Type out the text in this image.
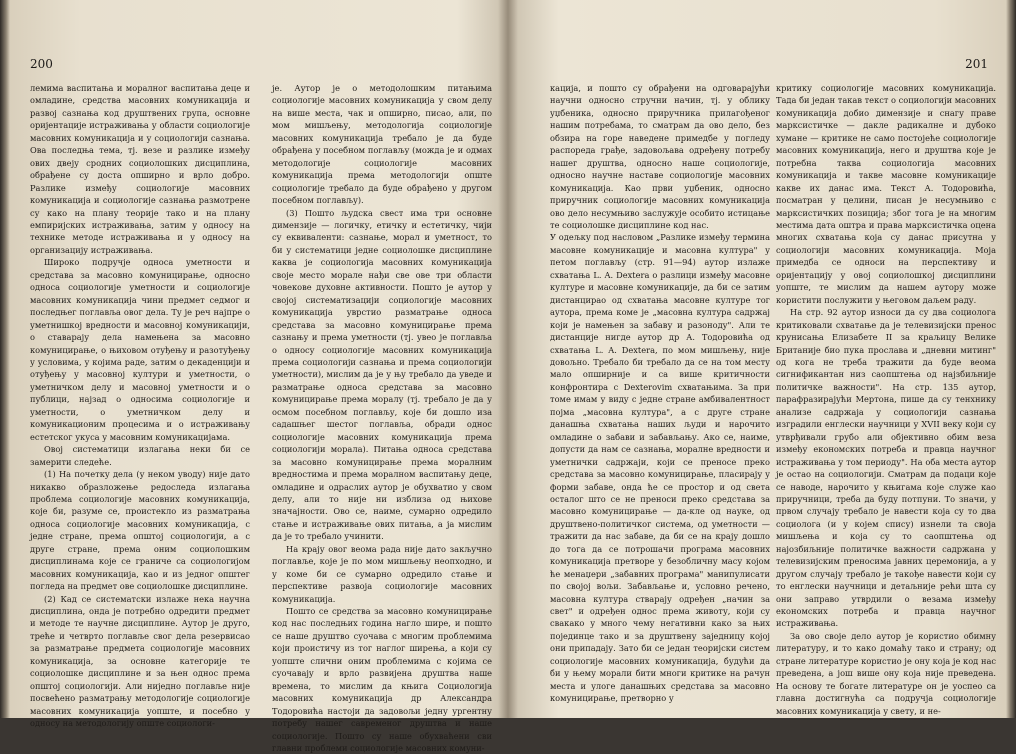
200

лемима васпитања и моралног васпитања деце и омладине, средства масовних комуникација и развој сазнања код друштвених група, основне оријентације истраживања у области социологије масовних комуникација и у социологији сазнања. Ова последња тема, тј. везе и разлике између ових двеју сродних социолошких дисциплина, обрађене су доста опширно и врло добро. Разлике између социологије масовних комуникација и социологије сазнања размотрене су како на плану теорије тако и на плану емпиријских истраживања, затим у односу на технике методе истраживања и у односу на организацију истраживања.

Широко подручје односа уметности и средстава за масовно комуницирање, односно односа социологије уметности и социологије масовних комуникација чини предмет седмог и последњег поглавља овог дела. Ту је реч најпре о уметнишкој вредности и масовној комуникацији, о ставарају дела намењена за масовно комуницирање, о њиховом отуђењу и разотуђењу у условима, у којима раде, затим о декаденцији и отуђењу у масовној култури и уметности, о уметничком делу и масовној уметности и о публици, најзад о односима социологије и уметности, о уметничком делу и комуникационим процесима и о истраживању естетског укуса у масовним комуникацијама.

Овој систематици излагања неки би се замерити следеће.

(1) На почетку дела (у неком уводу) није дато никакво образложење редоследа излагања проблема социологије масовних комуникација, које би, разуме се, проистекло из разматрања односа социологије масовних комуникација, с једне стране, према општој социологији, а с друге стране, према оним социолошким дисциплинама које се граниче са социологијом масовних комуникација, као и из једног општег погледа на предмет ове социолошке дисциплине.

(2) Кад се систематски излаже нека научна дисциплина, онда је потребно одредити предмет и методе те научне дисциплине. Аутор је друго, треће и четврто поглавље свог дела резервисао за разматрање предмета социологије масовних комуникација, за основне категорије те социолошке дисциплине и за њен однос према општој социологији. Али ниједно поглавље није посвећено разматрању методологије социологије масовних комуникација уопште, и посебно у односу на методологију опште социологи-

је. Аутор је о методолошким питањима социологије масовних комуникација у свом делу на више места, чак и опширно, писао, али, по мом мишљењу, методологија социологије масовних комуникација требало је да буде обрађена у посебном поглављу (можда је и одмах методологије социологије масовних комуникација према методологији опште социологије требало да буде обрађено у другом посебном поглављу).

(3) Пошто људска свест има три основне димензије — логичку, етичку и естетичку, чији су еквиваленти: сазнање, морал и уметност, то би у систематици једне социолошке дисциплине каква је социологија масовних комуникација своје место морале нађи све ове три области човекове духовне активности. Пошто је аутор у својој систематизацији социологије масовних комуникација уврстио разматрање односа средстава за масовно комуницирање према сазнању и према уметности (тј. увео је поглавља о односу социологије масовних комуникација према социологији сазнања и према социологији уметности), мислим да је у њу требало да уведе и разматрање односа средстава за масовно комуницирање према моралу (тј. требало је да у осмом посебном поглављу, које би дошло иза садашњег шестог поглавља, обради однос социологије масовних комуникација према социологији морала). Питања односа средстава за масовно комуницирање према моралним вредностима и према моралном васпитању деце, омладине и одраслих аутор је обухватио у свом делу, али то није ни изблиза од њихове значајности. Ово се, наиме, сумарно одредило стање и истраживање ових питања, а ја мислим да је то требало учинити.

На крају овог веома рада није дато закључно поглавље, које је по мом мишљењу неопходно, и у коме би се сумарно одредило стање и перспективе развоја социологије масовних комуникација.

Пошто се средства за масовно комуницирање код нас последњих година нагло шире, и пошто се наше друштво суочава с многим проблемима који проистичу из тог наглог ширења, а који су уопште слични оним проблемима с којима се суочавају и врло развијена друштва наше времена, то мислим да књига Социологија масовних комуникација др Александра Тодоровића настоји да задовољи једну ургентну потребу нашег савременог друштва и наше социологије. Пошто су наше обухваћени сви главни проблеми социологије масовних комуни-

201

кација, и пошто су обрађени на одговарајући научни односно стручни начин, тј. у облику уџбеника, односно приручника прилагођеног нашим потребама, то сматрам да ово дело, без обзира на горе наведене примедбе у погледу распореда грађе, задовољава одређену потребу нашег друштва, односно наше социологије, односно научне наставе социологије масовних комуникација. Као први уџбеник, односно приручник социологије масовних комуникација ово дело несумњиво заслужује особито истицање те социолошке дисциплине код нас.

У одељку под насловом „Разлике између термина масовне комуникације и масовна култура" у петом поглављу (стр. 91—94) аутор излаже схватања L. A. Dextera о разлици између масовне културе и масовне комуникације, да би се затим дистанцирао од схватања масовне културе тог аутора, према коме је „масовна култура садржај који је намењен за забаву и разоноду". Али те дистанције нигде аутор др А. Тодоровића од схватања L. A. Dextera, по мом мишљењу, није довољно. Требало би требало да се на том месту мало опширније и са више критичности конфронтира с Dexterovim схватањима. За при томе имам у виду с једне стране амбивалентност појма „масовна култура", а с друге стране данашња схватања наших људи и нарочито омладине о забави и забављању. Ако се, наиме, допусти да нам се сазнања, моралне вредности и уметнички садржаји, који се преносе преко средстава за масовно комуницирање, пласирају у форми забаве, онда ће се простор и од света осталог што се не преноси преко средстава за масовно комуницирање — да-кле од науке, од друштвено-политичког система, од уметности — тражити да нас забаве, да би се на крају дошло до тога да се потрошачи програма масовних комуникација претворе у безобличну масу којом ће менаџери „забавних програма" манипулисати по својој вољи. Забављање и, условно речено, масовна култура стварају одређен „начин за свет" и одређен однос према животу, који су свакако у много чему негативни како за њих појединце тако и за друштвену заједницу којој они припадају. Зато би се један теоријски систем социологије масовних комуникација, будући да би у њему морали бити многи критике на рачун места и улоге данашњих средстава за масовно комуницирање, претворно у

критику социологије масовних комуникација. Тада би један такав текст о социологији масовних комуникација добио димензије и снагу праве марксистичке — дакле радикалне и дубоко хумане — критике не само постојеће социологије масовних комуникација, него и друштва које је потребна таква социологија масовних комуникација и такве масовне комуникације какве их данас има. Текст А. Тодоровића, посматран у целини, писан је несумњиво с марксистичких позиција; због тога је на многим местима дата оштра и права марксистичка оцена многих схватања која су данас присутна у социологији масовних комуникација. Моја примедба се односи на перспективу и оријентацију у овој социолошкој дисциплини уопште, те мислим да нашем аутору може користити послужити у његовом даљем раду.

На стр. 92 аутор износи да су два социолога критиковали схватање да је телевизијски пренос крунисања Елизабете II за краљицу Велике Британије био пука прослава и „дневни митинг" од кога не треба тражити да буде веома сигнификантан низ саопштења од најзбиљније политичке важности". На стр. 135 аутор, парафразирајући Мертона, пише да су тенхнику анализе садржаја у социологији сазнања изградили енглески научници у XVII веку који су утврђивали грубо али објективно обим веза између економских потреба и правца научног истраживања у том периоду". На оба места аутор је остао на социологији. Сматрам да подаци које се наводе, нарочито у књигама које служе као приручници, треба да буду потпуни. То значи, у првом случају требало је навести која су то два социолога (и у којем спису) изнели та своја мишљења и која су то саопштења од најозбиљније политичке важности садржана у телевизијским преносима јавних церемонија, а у другом случају требало је такође навести који су то енглески научници и детаљније рећи шта су они заправо утврдили о везама између економских потреба и правца научног истраживања.

За ово своје дело аутор је користио обимну литературу, и то како домаћу тако и страну; од стране литературе користио је ону која је код нас преведена, а још више ону која није преведена. На основу те богате литературе он је уоспео са главна достигнућа са подручја социологије масовних комуникација у свету, и не-
